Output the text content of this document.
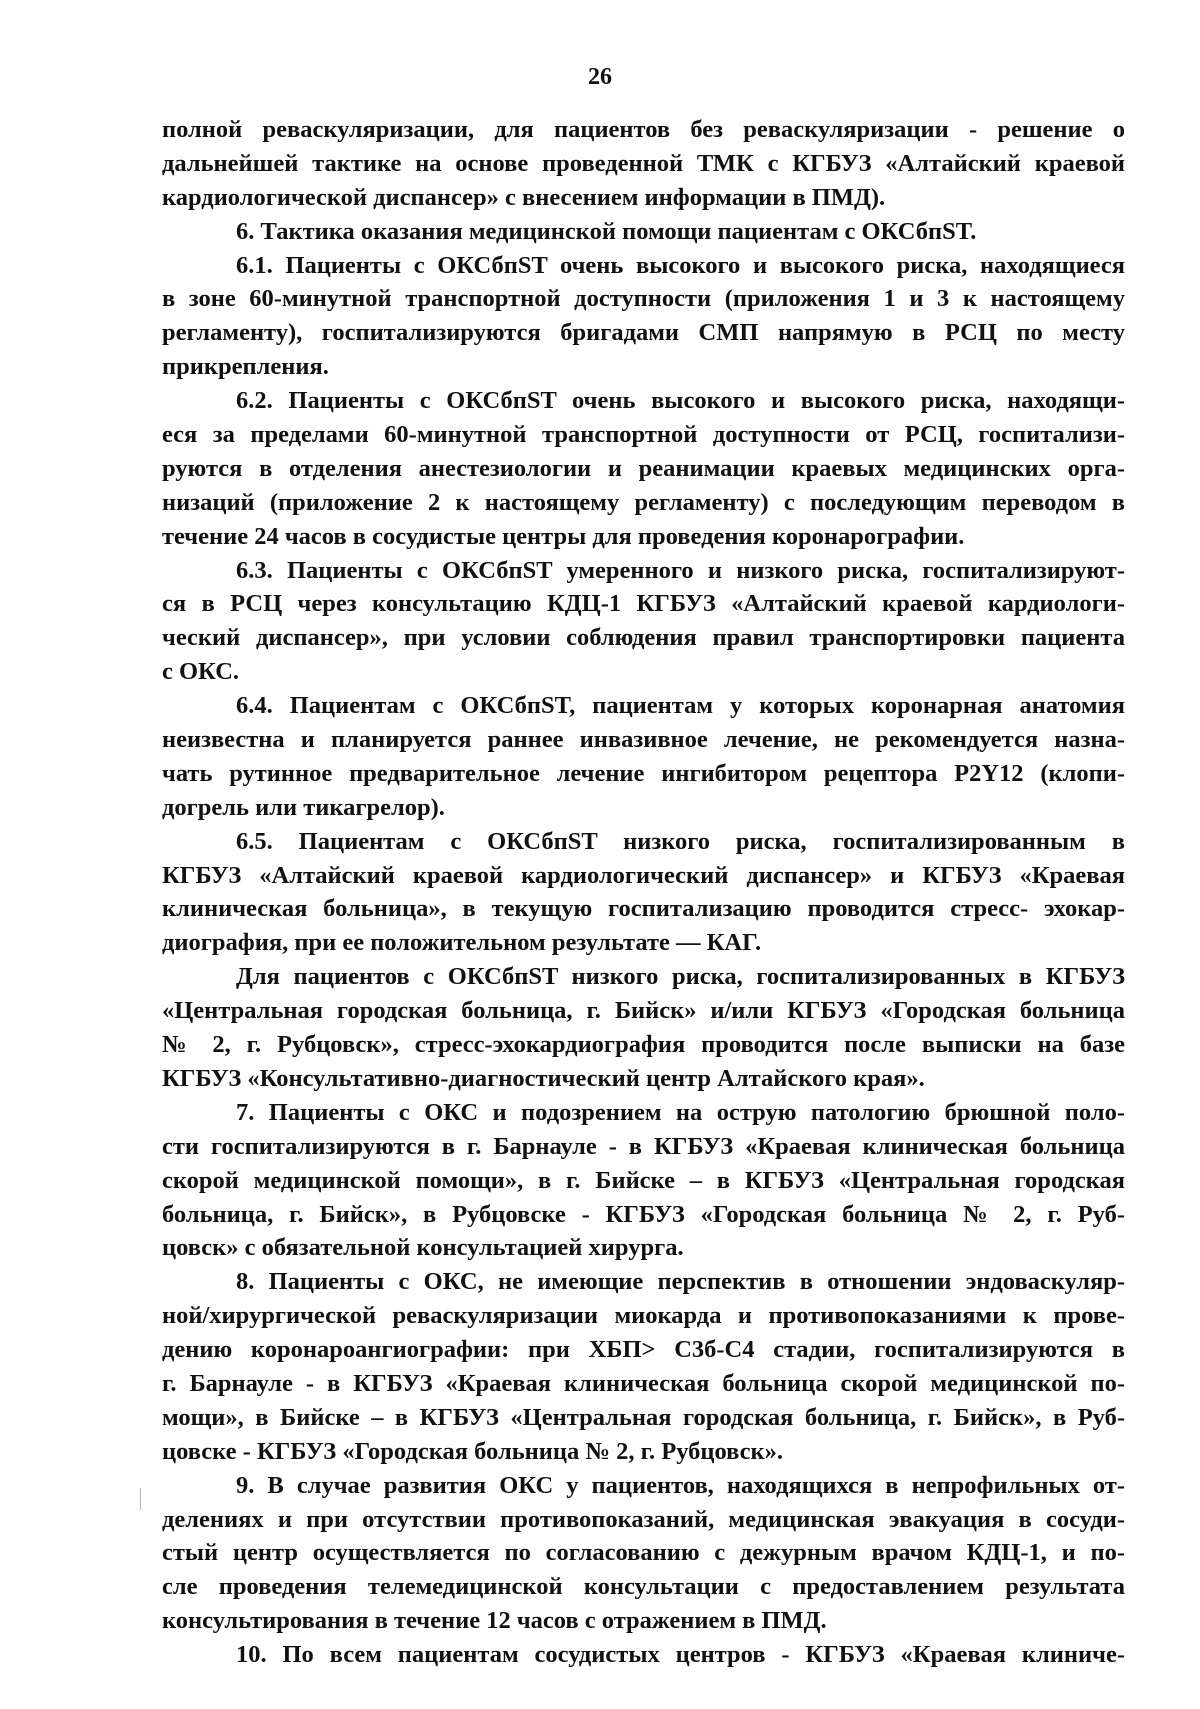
26
полной реваскуляризации, для пациентов без реваскуляризации - решение о
дальнейшей тактике на основе проведенной ТМК с КГБУЗ «Алтайский краевой
кардиологической диспансер» с внесением информации в ПМД).
6. Тактика оказания медицинской помощи пациентам с ОКСбпST.
6.1. Пациенты с ОКСбпST очень высокого и высокого риска, находящиеся
в зоне 60-минутной транспортной доступности (приложения 1 и 3 к настоящему
регламенту), госпитализируются бригадами СМП напрямую в РСЦ по месту
прикрепления.
6.2. Пациенты с ОКСбпST очень высокого и высокого риска, находящи-
еся за пределами 60-минутной транспортной доступности от РСЦ, госпитализи-
руются в отделения анестезиологии и реанимации краевых медицинских орга-
низаций (приложение 2 к настоящему регламенту) с последующим переводом в
течение 24 часов в сосудистые центры для проведения коронарографии.
6.3. Пациенты с ОКСбпST умеренного и низкого риска, госпитализируют-
ся в РСЦ через консультацию КДЦ-1 КГБУЗ «Алтайский краевой кардиологи-
ческий диспансер», при условии соблюдения правил транспортировки пациента
с ОКС.
6.4. Пациентам с ОКСбпST, пациентам у которых коронарная анатомия
неизвестна и планируется раннее инвазивное лечение, не рекомендуется назна-
чать рутинное предварительное лечение ингибитором рецептора Р2Y12 (клопи-
догрель или тикагрелор).
6.5. Пациентам с ОКСбпST низкого риска, госпитализированным в
КГБУЗ «Алтайский краевой кардиологический диспансер» и КГБУЗ «Краевая
клиническая больница», в текущую госпитализацию проводится стресс- эхокар-
диография, при ее положительном результате — КАГ.
Для пациентов с ОКСбпST низкого риска, госпитализированных в КГБУЗ
«Центральная городская больница, г. Бийск» и/или КГБУЗ «Городская больница
№ 2, г. Рубцовск», стресс-эхокардиография проводится после выписки на базе
КГБУЗ «Консультативно-диагностический центр Алтайского края».
7. Пациенты с ОКС и подозрением на острую патологию брюшной поло-
сти госпитализируются в г. Барнауле - в КГБУЗ «Краевая клиническая больница
скорой медицинской помощи», в г. Бийске – в КГБУЗ «Центральная городская
больница, г. Бийск», в Рубцовске - КГБУЗ «Городская больница № 2, г. Руб-
цовск» с обязательной консультацией хирурга.
8. Пациенты с ОКС, не имеющие перспектив в отношении эндоваскуляр-
ной/хирургической реваскуляризации миокарда и противопоказаниями к прове-
дению коронароангиографии: при ХБП> С3б-С4 стадии, госпитализируются в
г. Барнауле - в КГБУЗ «Краевая клиническая больница скорой медицинской по-
мощи», в Бийске – в КГБУЗ «Центральная городская больница, г. Бийск», в Руб-
цовске - КГБУЗ «Городская больница № 2, г. Рубцовск».
9. В случае развития ОКС у пациентов, находящихся в непрофильных от-
делениях и при отсутствии противопоказаний, медицинская эвакуация в сосуди-
стый центр осуществляется по согласованию с дежурным врачом КДЦ-1, и по-
сле проведения телемедицинской консультации с предоставлением результата
консультирования в течение 12 часов с отражением в ПМД.
10. По всем пациентам сосудистых центров - КГБУЗ «Краевая клиниче-
